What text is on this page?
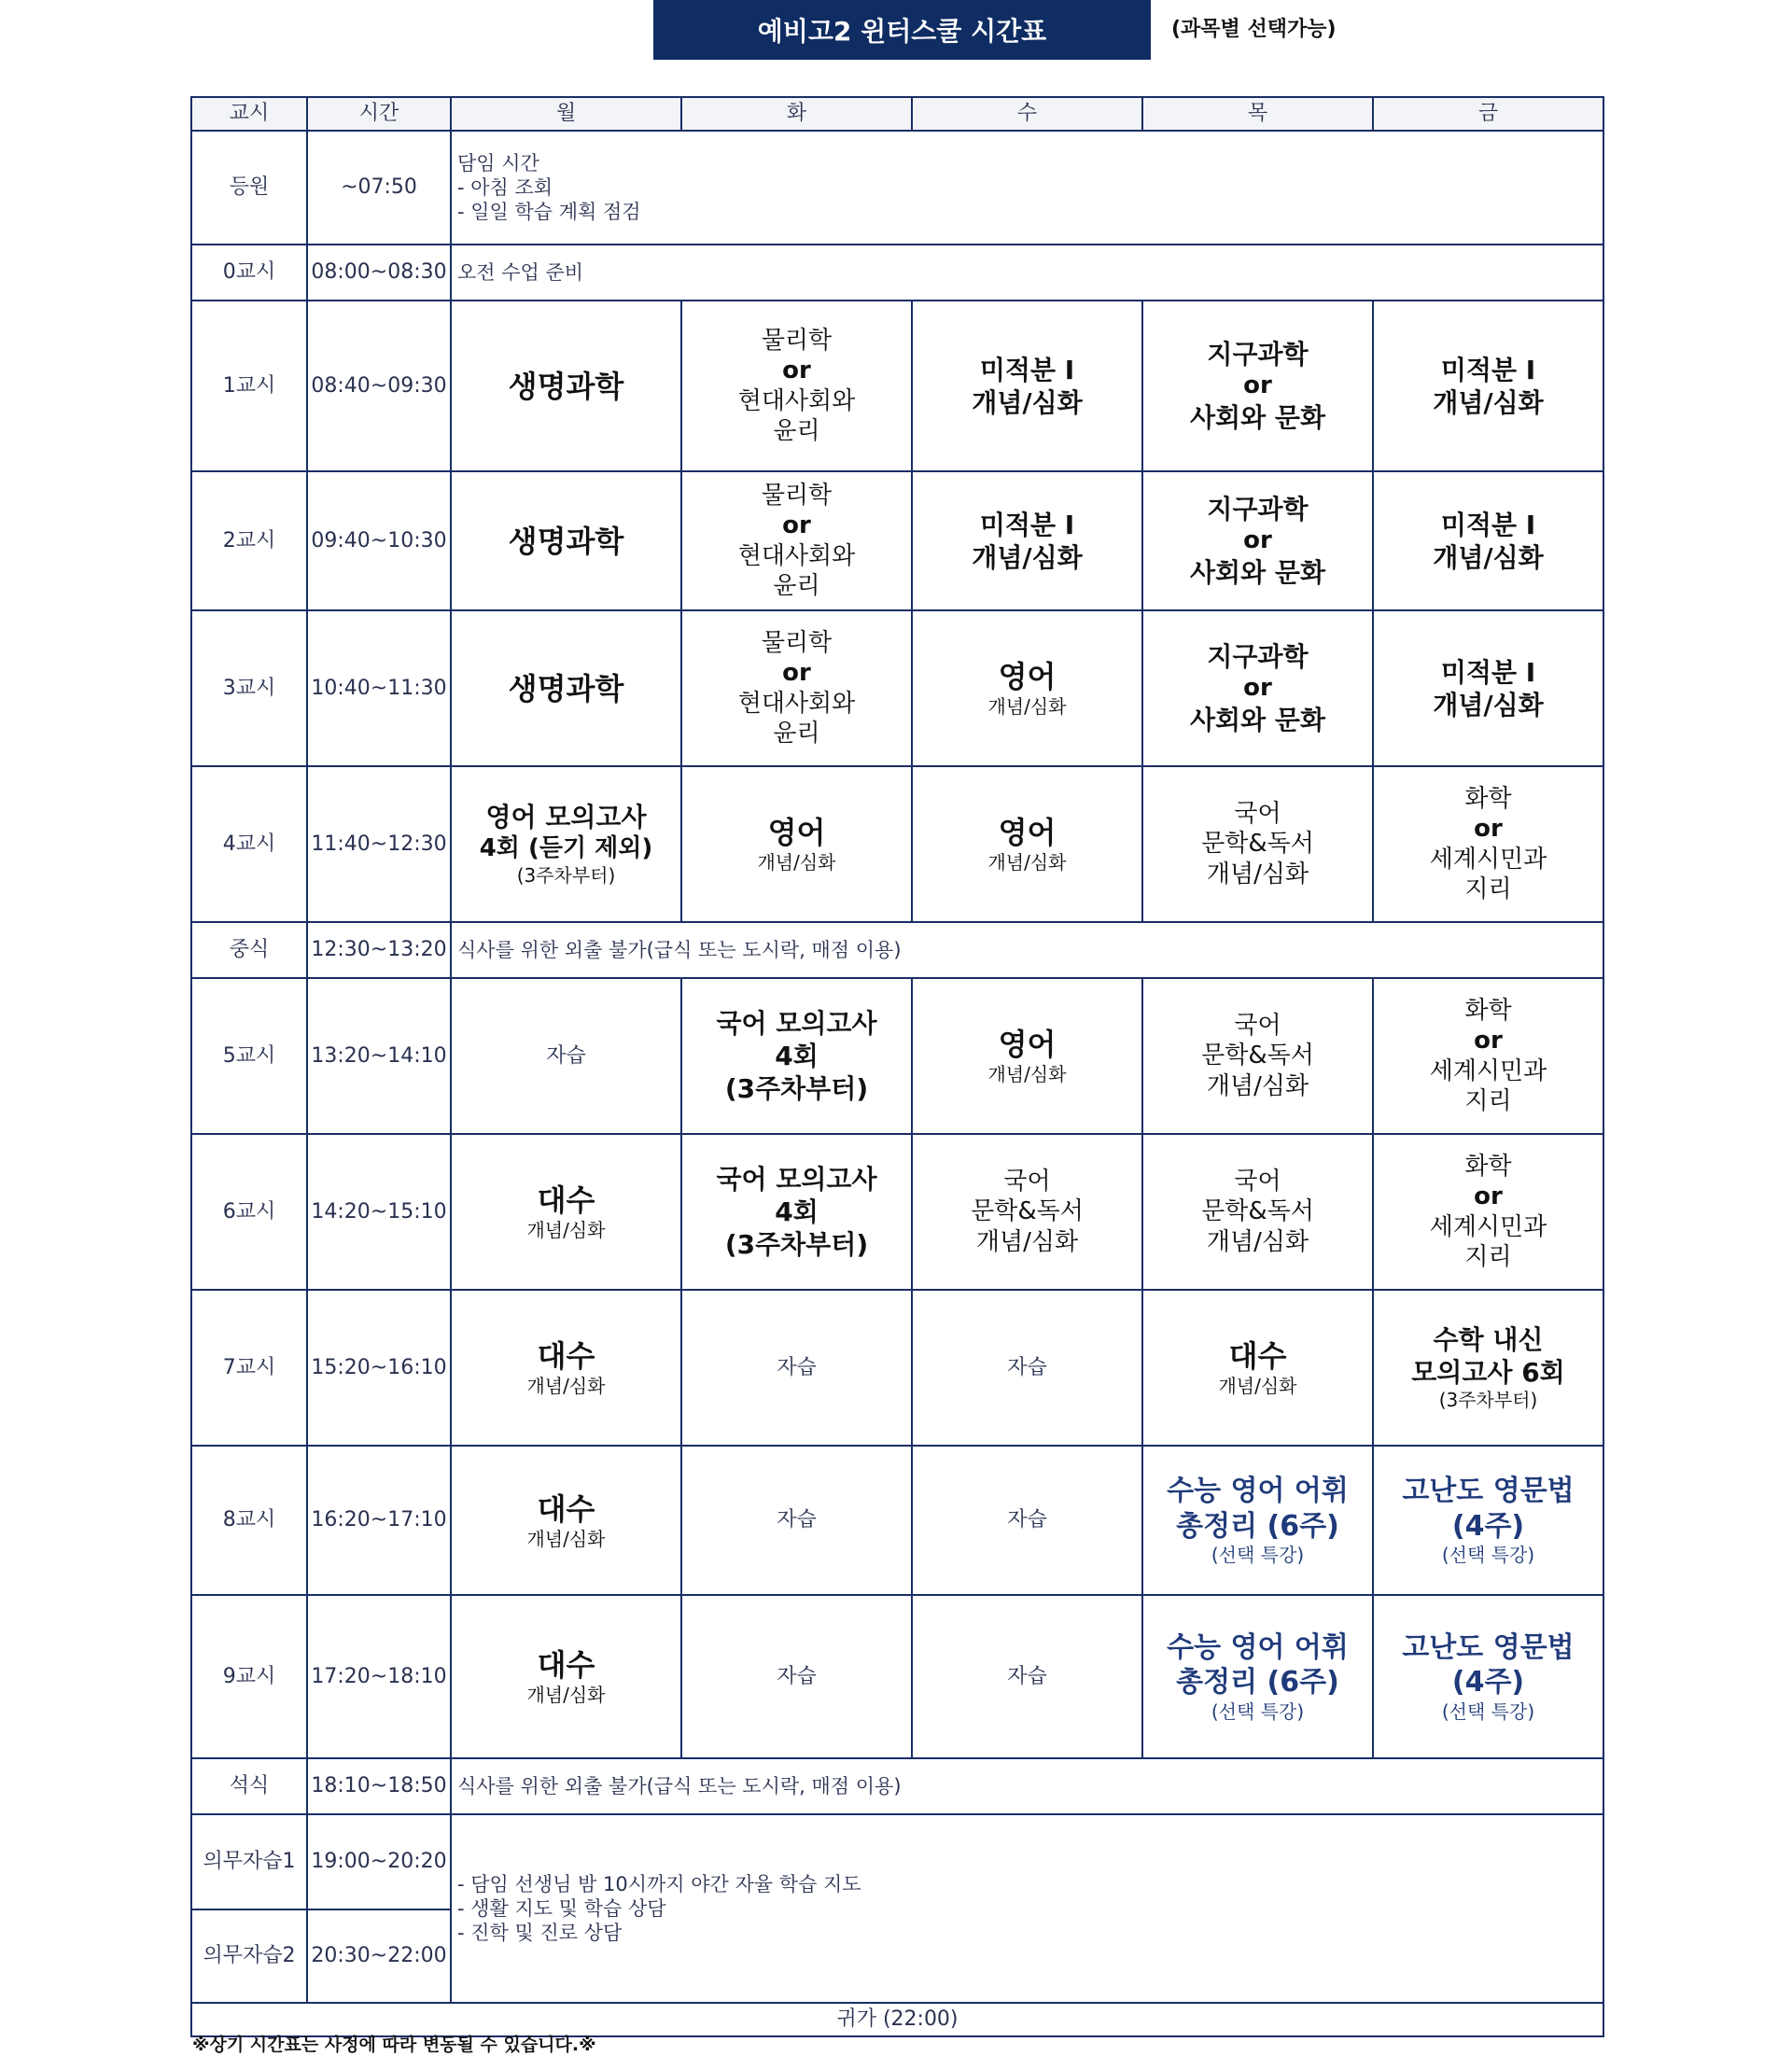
예비고2 윈터스쿨 시간표	(과목별 선택가능)
교시	시간	월	화	수	목	금
등원	~07:50	담임 시간
- 아침 조회
- 일일 학습 계획 점검				

0교시	08:00~08:30	오전 수업 준비				
1교시	08:40~09:30	생명과학	물리학
or
현대사회와
윤리	미적분 I
개념/심화	지구과학
or
사회와 문화	미적분 I
개념/심화

2교시	09:40~10:30	생명과학	물리학
or
현대사회와
윤리	미적분 I
개념/심화	지구과학
or
사회와 문화	미적분 I
개념/심화

3교시	10:40~11:30	생명과학	물리학
or
현대사회와
윤리	영어
개념/심화	지구과학
or
사회와 문화	미적분 I
개념/심화

4교시	11:40~12:30	영어 모의고사
4회 (듣기 제외)
(3주차부터)	영어
개념/심화	영어
개념/심화	국어
문학&독서
개념/심화	화학
or
세계시민과
지리

중식	12:30~13:20	식사를 위한 외출 불가(급식 또는 도시락, 매점 이용)				
5교시	13:20~14:10	자습	국어 모의고사
4회
(3주차부터)	영어
개념/심화	국어
문학&독서
개념/심화	화학
or
세계시민과
지리

6교시	14:20~15:10	대수
개념/심화	국어 모의고사
4회
(3주차부터)	국어
문학&독서
개념/심화	국어
문학&독서
개념/심화	화학
or
세계시민과
지리

7교시	15:20~16:10	대수
개념/심화	자습	자습	대수
개념/심화	수학 내신
모의고사 6회
(3주차부터)

8교시	16:20~17:10	대수
개념/심화	자습	자습	수능 영어 어휘
총정리 (6주)
(선택 특강)	고난도 영문법
(4주)
(선택 특강)

9교시	17:20~18:10	대수
개념/심화	자습	자습	수능 영어 어휘
총정리 (6주)
(선택 특강)	고난도 영문법
(4주)
(선택 특강)

석식	18:10~18:50	식사를 위한 외출 불가(급식 또는 도시락, 매점 이용)				
의무자습1	19:00~20:20	- 담임 선생님 밤 10시까지 야간 자율 학습 지도
- 생활 지도 및 학습 상담
- 진학 및 진로 상담				

의무자습2	20:30~22:00					
귀가 (22:00)						
※상기 시간표는 사정에 따라 변동될 수 있습니다.※
